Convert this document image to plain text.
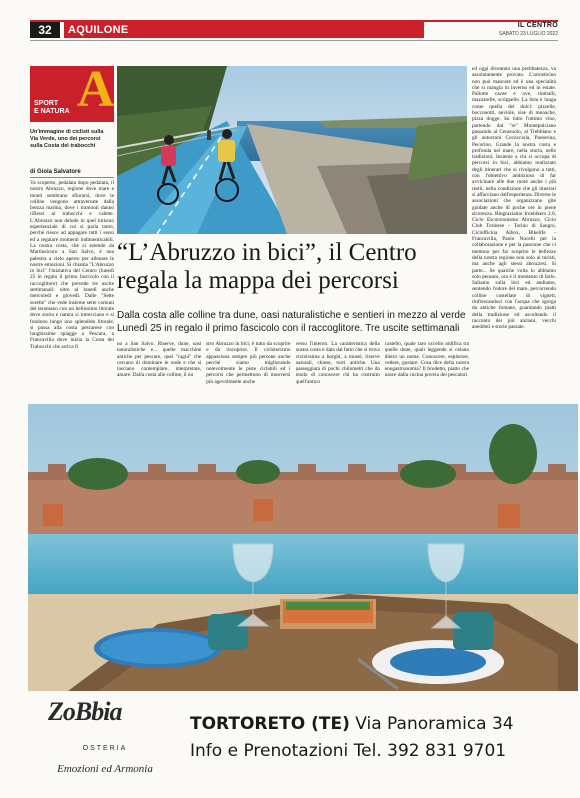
32	AQUILONE	IL CENTRO
SABATO 23 LUGLIO 2022
A
SPORT
E NATURA
Un'immagine di ciclisti sulla Via Verde, uno dei percorsi sulla Costa dei trabocchi
di Gioia Salvatore
Va scoperto, pedalata dopo pedalata, il nostro Abruzzo, regione dove mare e monti sembrano sfiorarsi, dove le colline vengono attraversate dalla brezza marina, dove i tramonti danno riflessi ai trabocchi e calette. L'Abruzzo non delude in quel turismo esperienziale di cui si parla tanto, perché riesce ad appagare tutti i sensi ed a regalare momenti indimenticabili. La nostra costa, che si estende da Martinsicuro a San Salvo, è una palestra a cielo aperto per allenare le nostre emozioni. Si chiama "L'Abruzzo in bici" l'iniziativa del Centro (lunedì 25 in regalo il primo fascicolo con il raccoglitore) che prevede tre uscite settimanali: oltre al lunedì anche mercoledì e giovedì. Dalle "Sette sorelle" che vede insieme sette comuni del teramano con un bellissimo litorale dove storia e natura si intrecciano e si fondono lungo uno splendido litorale, si passa alla costa pescarese con lunghissime spiagge a Pescara, a Francavilla dove inizia la Costa dei Trabocchi che arriva fi
“L’Abruzzo in bici”, il Centro
regala la mappa dei percorsi
Dalla costa alle colline tra dune, oasi naturalistiche e sentieri in mezzo al verde Lunedì 25 in regalo il primo fascicolo con il raccoglitore. Tre uscite settimanali
no a San Salvo. Riserve, dune, oasi naturalistiche e... quelle macchine antiche per pescare, quei "ragni" che cercano di dominare le onde e che si lasciano contemplare, interpretare, amare. Dalla costa alle colline, il nu
stro Abruzzo in bici, è tutto da scoprire e da riscoprire. Il cicloturismo appassiona sempre più persone anche perché siamo migliorando notevolmente le piste ciclabili ed i percorsi che permettono di muoversi più agevolmente anche
verso l'interno. La caratteristica della nostra costa è data dal fatto che si trova vicinissima a borghi, a musei, riserve naturali, chiese, torri antiche. Una passeggiata di pochi chilometri che da modo di conoscere chi ha costruito quell'antico
castello, quale raro uccello nidifica tra quelle dune, quali leggende si celano dietro un nome. Conoscere, esplorare, vedere, gustare. Cosa dice della nostra enogastronomia? Il brodetto, piatto che nasce dalla cucina povera dei pescatori
ed oggi diventato una prelibatezza, va assolutamente provato. L'arrosticino non può mancare ed è una specialità che si mangia in inverno ed in estate. Pallotte cacee e ove, timballi, mazzarelle, scrippelle. La lista è lunga come quella dei dolci: pizzelle, bocconotti, neviole, sise di monache, pizza dogge. Su tutto l'ottimo vino, partendo dal "re" Montepulciano passando al Cerasuolo, al Trebbiano e gli autoctoni Cococciola, Passerina, Pecorino. Grande la nostra costa e profonda nel mare, nella storia, nelle tradizioni. Insieme a chi si occupa di percorsi in bici, abbiamo realizzato degli itinerari che si rivolgono a tutti, con l'obiettivo ambizioso di far avvicinare alle due ruote anche i più restii, nella condizione che gli itinerari si affacciano dall'esperienza. Diverse le associazioni che organizzano gite guidate anche di poche ore in piene sicurezza. Ringraziamo Ironbikers 2.0, Ciclo Escursionismo Abruzzo, Ciclo Club Torinese - Torino di Sangro, Ciclofficina Albox, Bikelife - Francavilla, Paolo Nocelli per la collaborazione e per la passione che ci mettono per far scoprire le bellezze della nostra regione non solo ai turisti, ma anche agli stessi abruzzesi. Si parte... Se qualche volta lo abbiamo solo pensato, ora è il momento di farlo. Saliamo sulla bici ed andiamo, sentendo l'odore del mare, percorrendo colline costellate di vigneti, rinfrescandoci con l'acqua che sgorga da antiche fontane, guardando piatti della tradizione ed ascoltando il racconto dei più anziani, vecchi aneddoti e storie passate.
ZoBbia
OSTERIA
Emozioni ed Armonia
TORTORETO (TE) Via Panoramica 34
Info e Prenotazioni Tel. 392 831 9701
